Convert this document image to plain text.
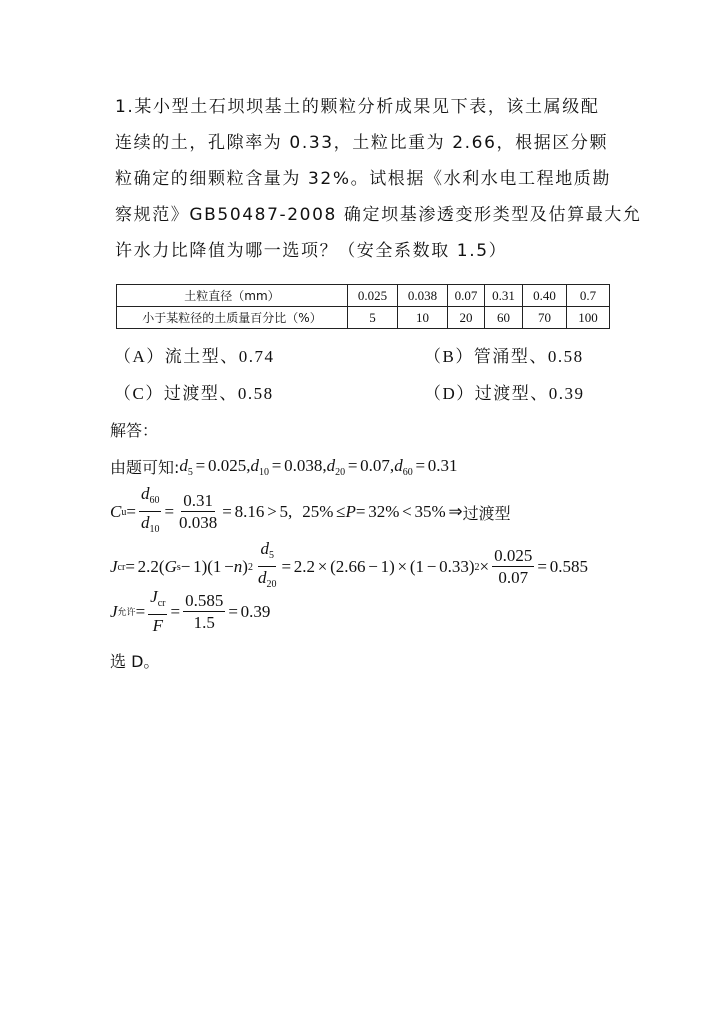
1.某小型土石坝坝基土的颗粒分析成果见下表，该土属级配
连续的土，孔隙率为 0.33，土粒比重为 2.66，根据区分颗
粒确定的细颗粒含量为 32%。试根据《水利水电工程地质勘
察规范》GB50487-2008 确定坝基渗透变形类型及估算最大允
许水力比降值为哪一选项？（安全系数取 1.5）
土粒直径（mm）	0.025	0.038	0.07	0.31	0.40	0.7
小于某粒径的土质量百分比（%）	5	10	20	60	70	100
（A）流土型、0.74	（B）管涌型、0.58
（C）过渡型、0.58	（D）过渡型、0.39
解答：
由题可知: $d_5 = 0.025$, $d_{10} = 0.038$, $d_{20} = 0.07$, $d_{60} = 0.31$
C $u = \frac{d_{60}}{d_{10}} = \frac{0.31}{0.038} = 8.16 > 5$, 25% ≤ P = 32% < 35% ⇒ 过渡型
J cr = 2.2( G s − 1)(1 − n ) $2 \frac{d_5}{d_{20}} = 2.2 \times (2.66 - 1) \times (1 - 0.33) 2 \times \frac{0.025}{0.07} = 0.585$
J 允许 = $\frac{J_{cr}}{F} = \frac{0.585}{1.5} = 0.39$
选 D。
